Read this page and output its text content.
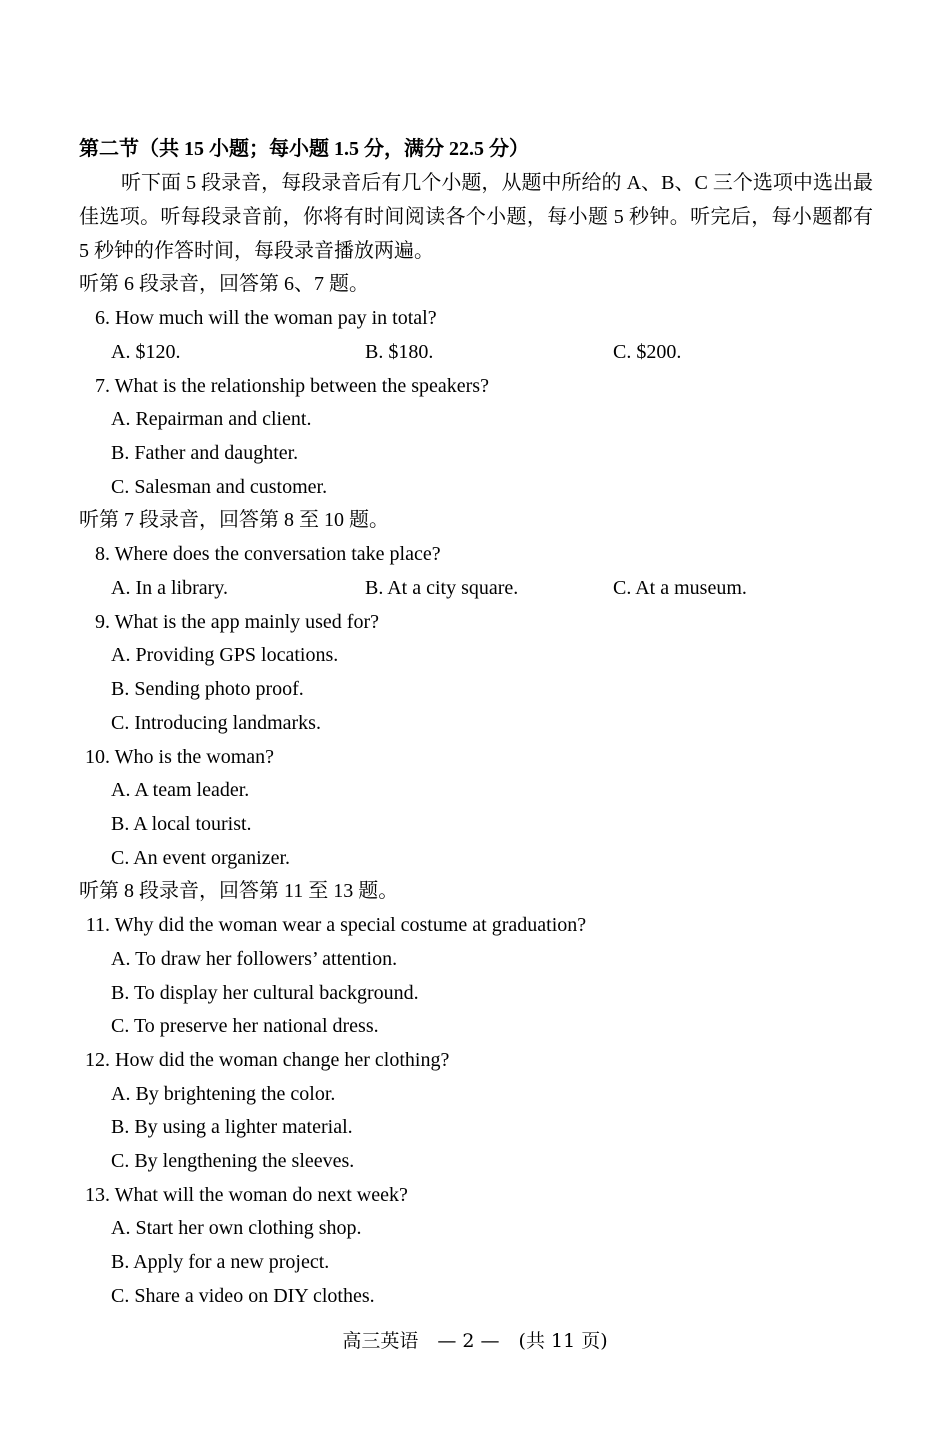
第二节（共 15 小题；每小题 1.5 分，满分 22.5 分）
听下面 5 段录音，每段录音后有几个小题，从题中所给的 A、B、C 三个选项中选出最佳选项。听每段录音前，你将有时间阅读各个小题，每小题 5 秒钟。听完后，每小题都有 5 秒钟的作答时间，每段录音播放两遍。
听第 6 段录音，回答第 6、7 题。
6. How much will the woman pay in total?
A. $120.	B. $180.	C. $200.
7. What is the relationship between the speakers?
A. Repairman and client.
B. Father and daughter.
C. Salesman and customer.
听第 7 段录音，回答第 8 至 10 题。
8. Where does the conversation take place?
A. In a library.	B. At a city square.	C. At a museum.
9. What is the app mainly used for?
A. Providing GPS locations.
B. Sending photo proof.
C. Introducing landmarks.
10. Who is the woman?
A. A team leader.
B. A local tourist.
C. An event organizer.
听第 8 段录音，回答第 11 至 13 题。
11. Why did the woman wear a special costume at graduation?
A. To draw her followers’ attention.
B. To display her cultural background.
C. To preserve her national dress.
12. How did the woman change her clothing?
A. By brightening the color.
B. By using a lighter material.
C. By lengthening the sleeves.
13. What will the woman do next week?
A. Start her own clothing shop.
B. Apply for a new project.
C. Share a video on DIY clothes.
高三英语　— 2 —　(共 11 页)
